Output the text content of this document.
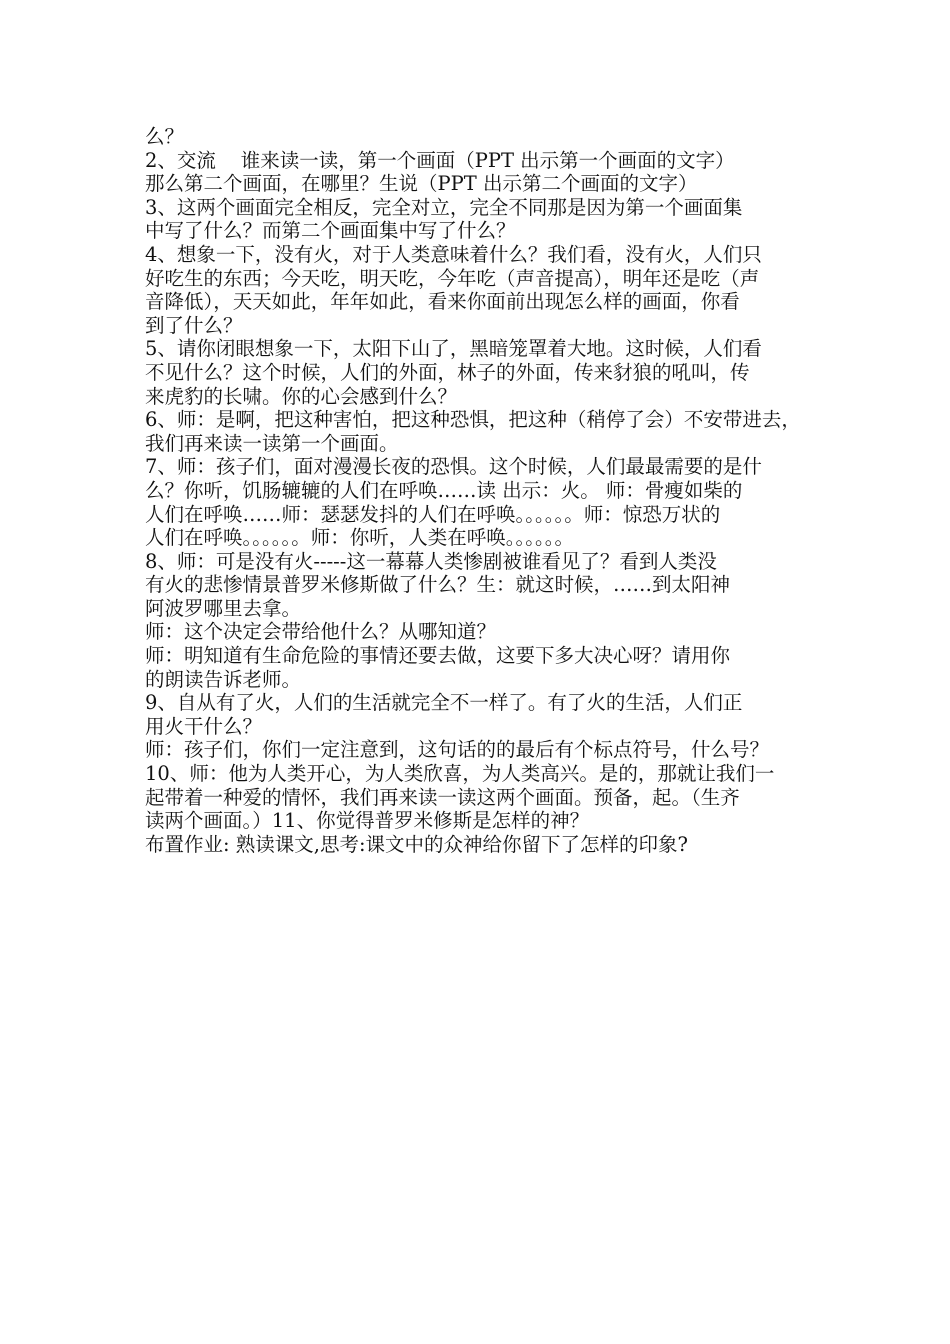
么？
2、交流    谁来读一读，第一个画面（PPT 出示第一个画面的文字）
那么第二个画面，在哪里？生说（PPT 出示第二个画面的文字）
3、这两个画面完全相反，完全对立，完全不同那是因为第一个画面集
中写了什么？而第二个画面集中写了什么？
4、想象一下，没有火，对于人类意味着什么？我们看，没有火，人们只
好吃生的东西；今天吃，明天吃，今年吃（声音提高），明年还是吃（声
音降低），天天如此，年年如此，看来你面前出现怎么样的画面，你看
到了什么？
5、请你闭眼想象一下，太阳下山了，黑暗笼罩着大地。这时候，人们看
不见什么？这个时候，人们的外面，林子的外面，传来豺狼的吼叫，传
来虎豹的长啸。你的心会感到什么？
6、师：是啊，把这种害怕，把这种恐惧，把这种（稍停了会）不安带进去，
我们再来读一读第一个画面。
7、师：孩子们，面对漫漫长夜的恐惧。这个时候，人们最最需要的是什
么？你听，饥肠辘辘的人们在呼唤……读 出示：火。 师：骨瘦如柴的
人们在呼唤……师：瑟瑟发抖的人们在呼唤。。。。。。师：惊恐万状的
人们在呼唤。。。。。。师：你听，人类在呼唤。。。。。。
8、师：可是没有火-----这一幕幕人类惨剧被谁看见了？看到人类没
有火的悲惨情景普罗米修斯做了什么？生：就这时候，……到太阳神
阿波罗哪里去拿。
师：这个决定会带给他什么？从哪知道？
师：明知道有生命危险的事情还要去做，这要下多大决心呀？请用你
的朗读告诉老师。
9、自从有了火，人们的生活就完全不一样了。有了火的生活，人们正
用火干什么？
师：孩子们，你们一定注意到，这句话的的最后有个标点符号，什么号？
10、师：他为人类开心，为人类欣喜，为人类高兴。是的，那就让我们一
起带着一种爱的情怀，我们再来读一读这两个画面。预备，起。（生齐
读两个画面。）11、你觉得普罗米修斯是怎样的神？
布置作业: 熟读课文,思考:课文中的众神给你留下了怎样的印象?
